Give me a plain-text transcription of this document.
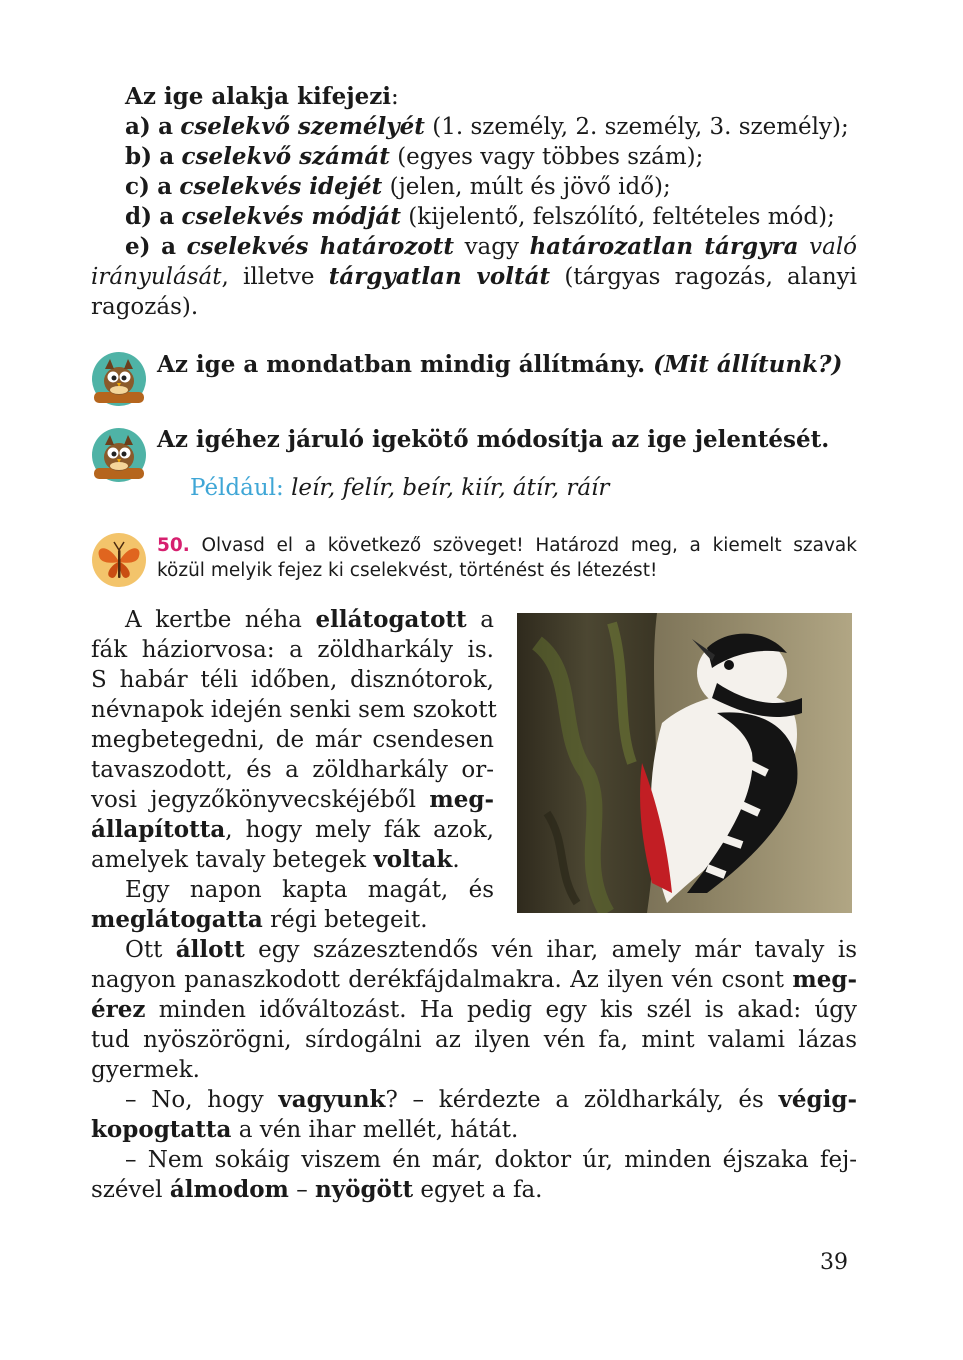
Az ige alakja kifejezi:
a) a cselekvő személyét (1. személy, 2. személy, 3. személy);
b) a cselekvő számát (egyes vagy többes szám);
c) a cselekvés idejét (jelen, múlt és jövő idő);
d) a cselekvés módját (kijelentő, felszólító, feltételes mód);
e) a cselekvés határozott vagy határozatlan tárgyra való
irányulását, illetve tárgyatlan voltát (tárgyas ragozás, alanyi
ragozás).
Az ige a mondatban mindig állítmány. (Mit állítunk?)
Az igéhez járuló igekötő módosítja az ige jelentését.
Például: leír, felír, beír, kiír, átír, ráír
50. Olvasd el a következő szöveget! Határozd meg, a kiemelt szavak
közül melyik fejez ki cselekvést, történést és létezést!
A kertbe néha ellátogatott a
fák háziorvosa: a zöldharkály is.
S habár téli időben, disznótorok,
névnapok idején senki sem szokott
megbetegedni, de már csendesen
tavaszodott, és a zöldharkály or-
vosi jegyzőkönyvecskéjéből meg-
állapította, hogy mely fák azok,
amelyek tavaly betegek voltak.
Egy napon kapta magát, és
meglátogatta régi betegeit.
Ott állott egy százesztendős vén ihar, amely már tavaly is
nagyon panaszkodott derékfájdalmakra. Az ilyen vén csont meg-
érez minden időváltozást. Ha pedig egy kis szél is akad: úgy
tud nyöszörögni, sírdogálni az ilyen vén fa, mint valami lázas
gyermek.
– No, hogy vagyunk? – kérdezte a zöldharkály, és végig-
kopogtatta a vén ihar mellét, hátát.
– Nem sokáig viszem én már, doktor úr, minden éjszaka fej-
szével álmodom – nyögött egyet a fa.
39
